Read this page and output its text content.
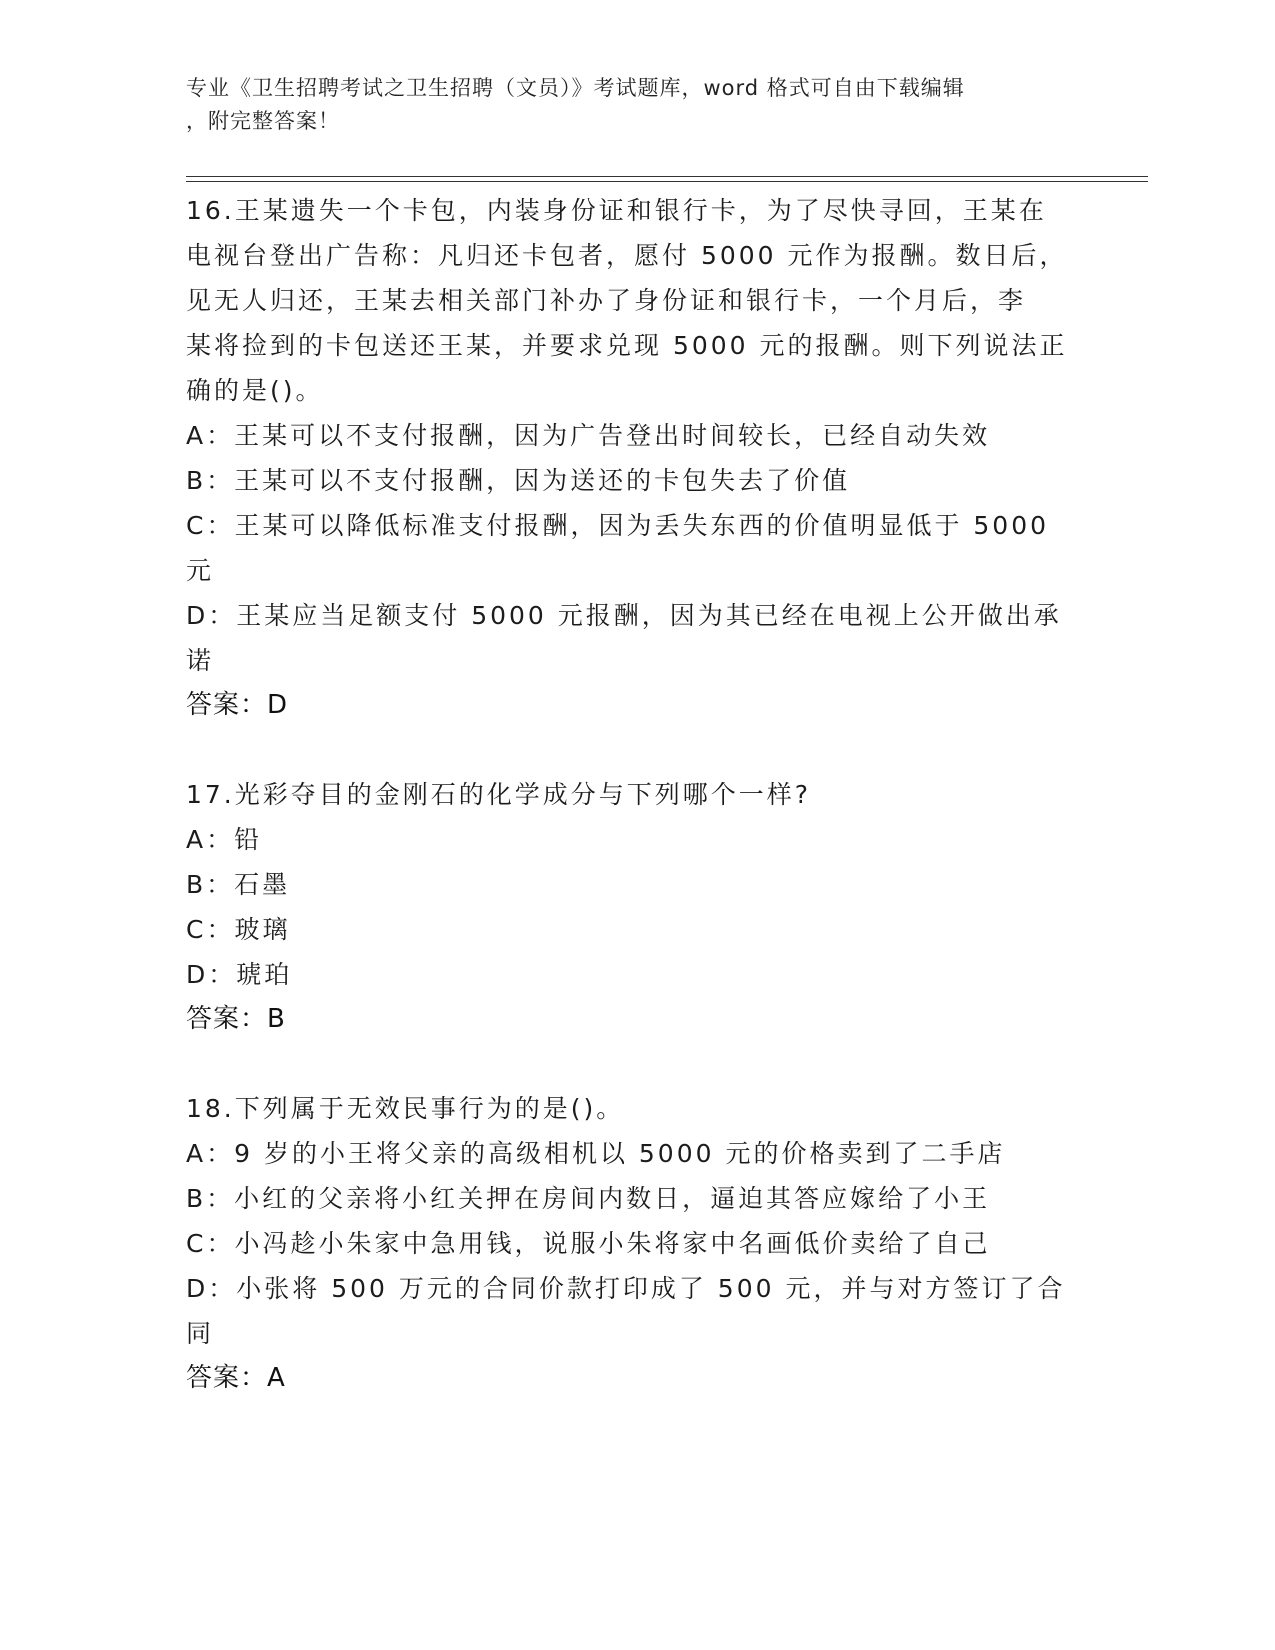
专业《卫生招聘考试之卫生招聘（文员）》考试题库，word 格式可自由下载编辑
，附完整答案！
16.王某遗失一个卡包，内装身份证和银行卡，为了尽快寻回，王某在
电视台登出广告称：凡归还卡包者，愿付 5000 元作为报酬。数日后，
见无人归还，王某去相关部门补办了身份证和银行卡，一个月后，李
某将捡到的卡包送还王某，并要求兑现 5000 元的报酬。则下列说法正
确的是()。
A：王某可以不支付报酬，因为广告登出时间较长，已经自动失效
B：王某可以不支付报酬，因为送还的卡包失去了价值
C：王某可以降低标准支付报酬，因为丢失东西的价值明显低于 5000
元
D：王某应当足额支付 5000 元报酬，因为其已经在电视上公开做出承
诺
答案：D
17.光彩夺目的金刚石的化学成分与下列哪个一样?
A：铅
B：石墨
C：玻璃
D：琥珀
答案：B
18.下列属于无效民事行为的是()。
A：9 岁的小王将父亲的高级相机以 5000 元的价格卖到了二手店
B：小红的父亲将小红关押在房间内数日，逼迫其答应嫁给了小王
C：小冯趁小朱家中急用钱，说服小朱将家中名画低价卖给了自己
D：小张将 500 万元的合同价款打印成了 500 元，并与对方签订了合同
答案：A
